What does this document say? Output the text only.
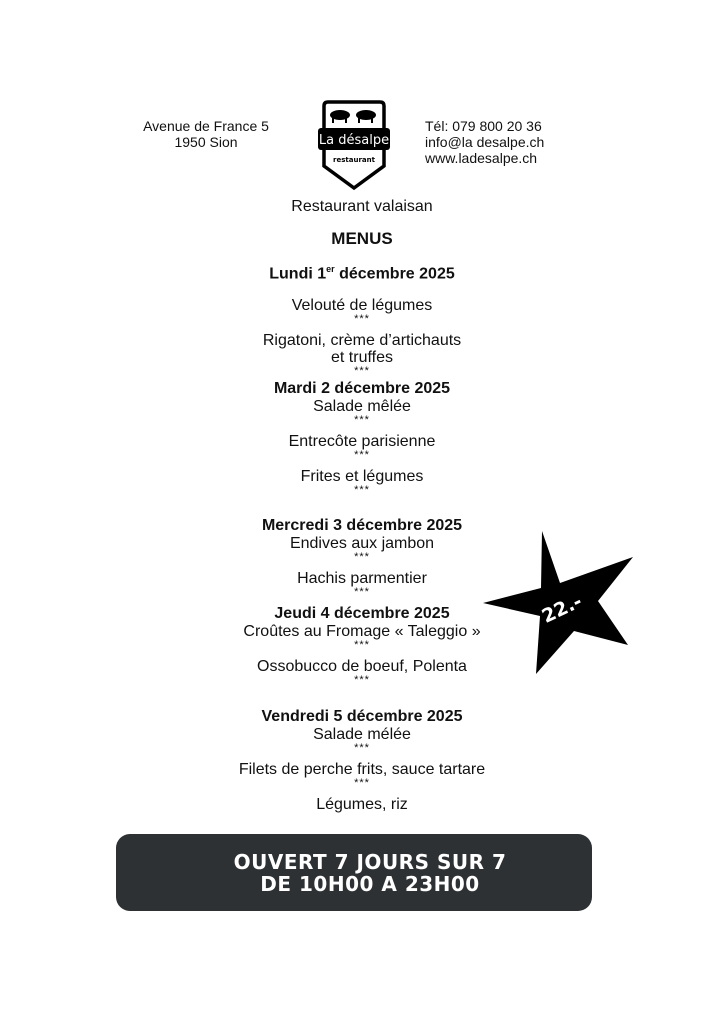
Avenue de France 5
1950 Sion	La désalpe
restaurant
Tél: 079 800 20 36
info@la desalpe.ch
www.ladesalpe.ch
Restaurant valaisan
MENUS
Lundi 1er décembre 2025
Velouté de légumes
***
Rigatoni, crème d’artichauts
et truffes
***
Mardi 2 décembre 2025
Salade mêlée
***
Entrecôte parisienne
***
Frites et légumes
***
Mercredi 3 décembre 2025
Endives aux jambon
***
Hachis parmentier
***
Jeudi 4 décembre 2025
Croûtes au Fromage « Taleggio »
***
Ossobucco de boeuf, Polenta
***
Vendredi 5 décembre 2025
Salade mélée
***
Filets de perche frits, sauce tartare
***
Légumes, riz
22.-
OUVERT 7 JOURS SUR 7
DE 10H00 A 23H00
